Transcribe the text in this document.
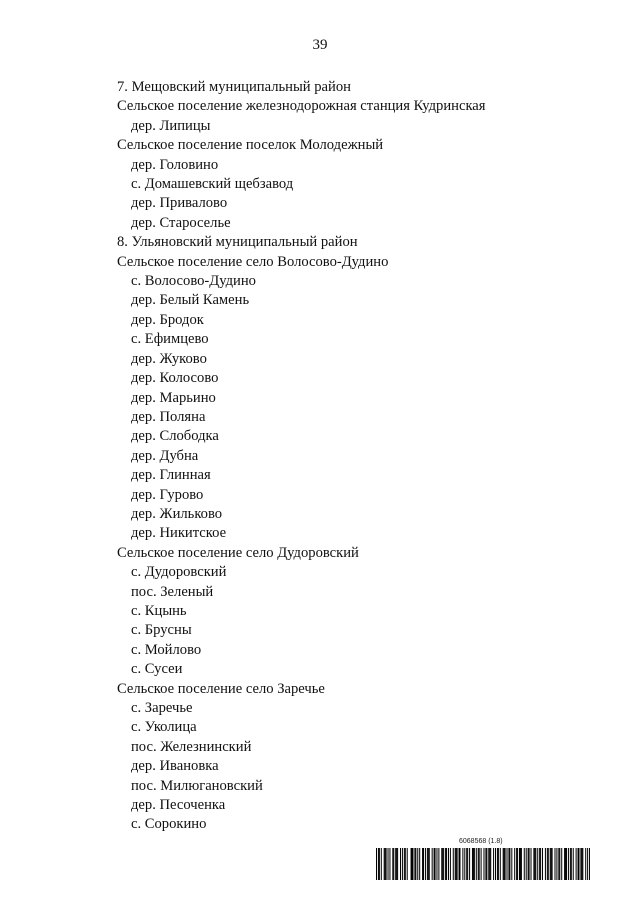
39
7. Мещовский муниципальный район
Сельское поселение железнодорожная станция Кудринская
дер. Липицы
Сельское поселение поселок Молодежный
дер. Головино
с. Домашевский щебзавод
дер. Привалово
дер. Староселье
8. Ульяновский муниципальный район
Сельское поселение село Волосово-Дудино
с. Волосово-Дудино
дер. Белый Камень
дер. Бродок
с. Ефимцево
дер. Жуково
дер. Колосово
дер. Марьино
дер. Поляна
дер. Слободка
дер. Дубна
дер. Глинная
дер. Гурово
дер. Жильково
дер. Никитское
Сельское поселение село Дудоровский
с. Дудоровский
пос. Зеленый
с. Кцынь
с. Брусны
с. Мойлово
с. Сусеи
Сельское поселение село Заречье
с. Заречье
с. Уколица
пос. Железнинский
дер. Ивановка
пос. Милюгановский
дер. Песоченка
с. Сорокино
6068568 (1.8)
